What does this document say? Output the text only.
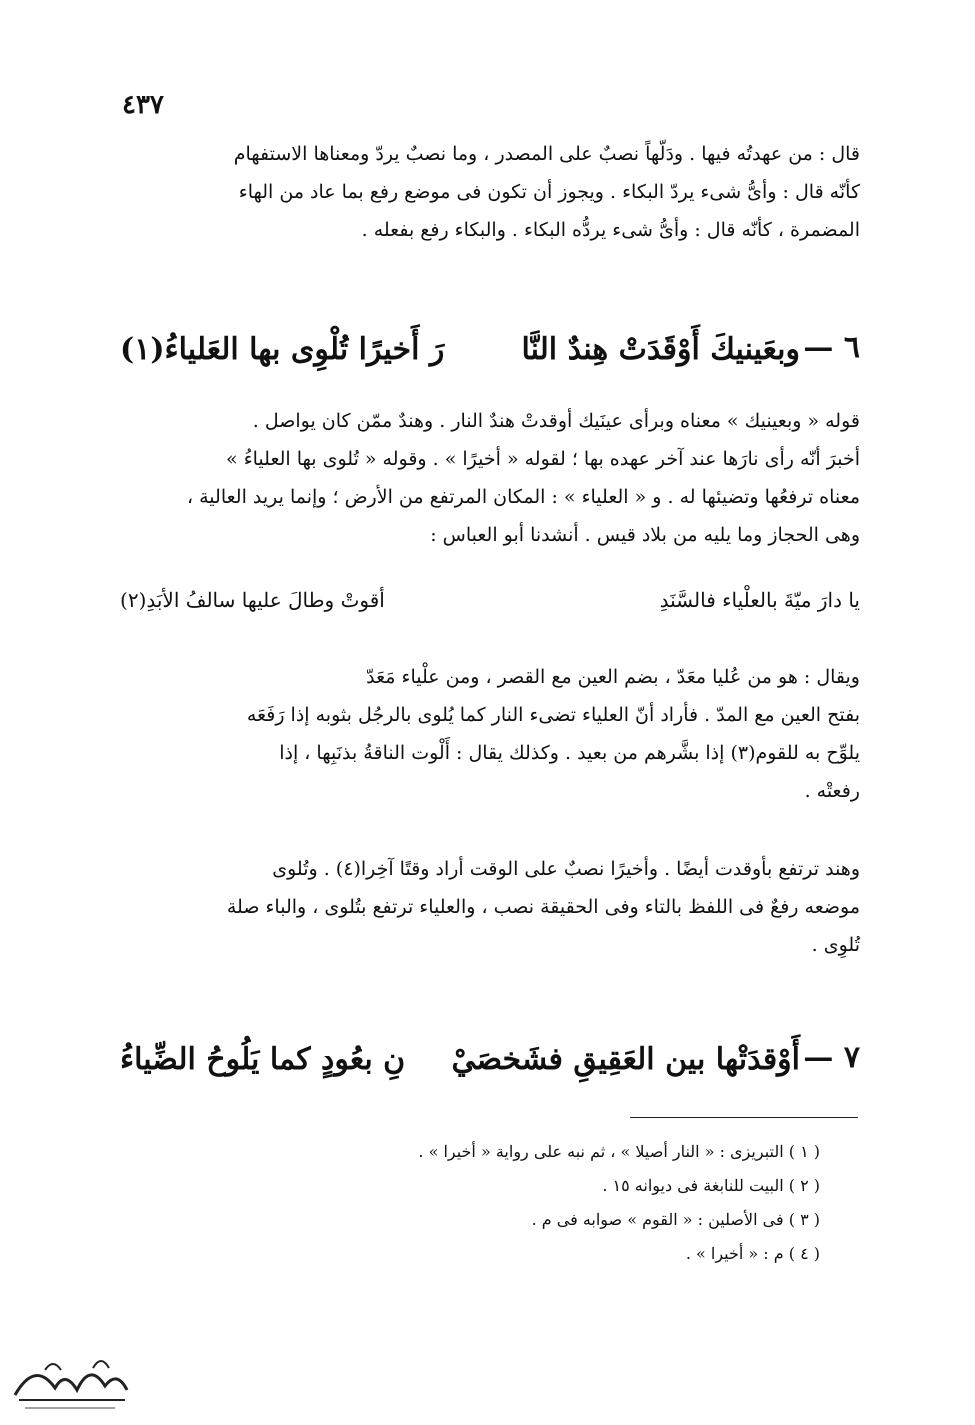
٤٣٧
قال : من عهدتُه فيها . ودَلّهاً نصبٌ على المصدر ، وما نصبٌ يردّ ومعناها الاستفهام
كأنّه قال : وأىُّ شىء يردّ البكاء . ويجوز أن تكون فى موضع رفع بما عاد من الهاء
المضمرة ، كأنّه قال : وأىُّ شىء يردُّه البكاء . والبكاء رفع بفعله .
٦ —
وبعَينيكَ أَوْقَدَتْ هِندٌ النَّا
رَ أَخيرًا تُلْوِى بها العَلياءُ(١)
قوله « وبعينيك » معناه وبرأى عينَيك أوقدتْ هندٌ النار . وهندٌ ممّن كان يواصل .
أخبرَ أنّه رأى نارَها عند آخر عهده بها ؛ لقوله « أخيرًا » . وقوله « تُلوى بها العلياءُ »
معناه ترفعُها وتضيئها له . و « العلياء » : المكان المرتفع من الأرض ؛ وإنما يريد العالية ،
وهى الحجاز وما يليه من بلاد قيس . أنشدنا أبو العباس :
يا دارَ ميّةَ بالعلْياء فالسَّنَدِ
أقوتْ وطالَ عليها سالفُ الأبَدِ(٢)
ويقال : هو من عُليا معَدّ ، بضم العين مع القصر ، ومن علْياء مَعَدّ
بفتح العين مع المدّ . فأراد أنّ العلياء تضىء النار كما يُلوى بالرجُل بثوبه إذا رَفَعَه
يلوِّح به للقوم(٣) إذا بشَّرهم من بعيد . وكذلك يقال : أَلْوت الناقةُ بذنَبِها ، إذا
رفعتْه .
وهند ترتفع بأوقدت أيضًا . وأخيرًا نصبٌ على الوقت أراد وقتًا آخِرا(٤) . وتُلوى
موضعه رفعٌ فى اللفظ بالتاء وفى الحقيقة نصب ، والعلياء ترتفع بتُلوى ، والباء صلة
تُلوِى .
٧ —
أَوْقدَتْها بين العَقِيقِ فشَخصَيْ
نِ بعُودٍ كما يَلُوحُ الضِّياءُ
( ١ ) التبريزى : « النار أصيلا » ، ثم نبه على رواية « أخيرا » .
( ٢ ) البيت للنابغة فى ديوانه ١٥ .
( ٣ ) فى الأصلين : « القوم » صوابه فى م .
( ٤ ) م : « أخيرا » .
